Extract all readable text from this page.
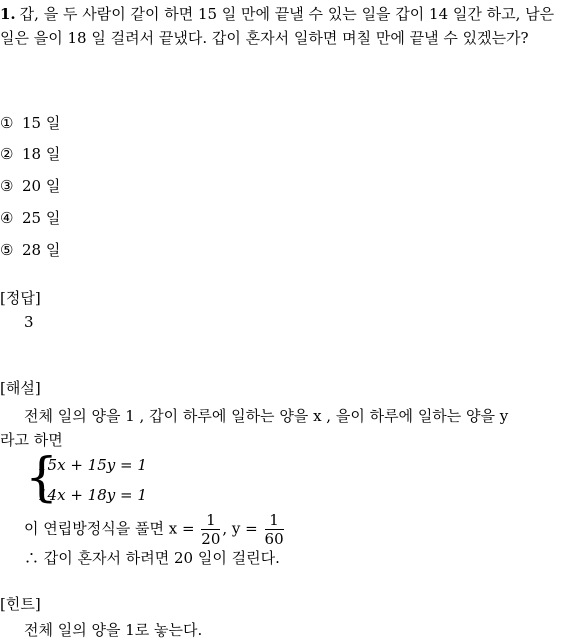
1. 갑, 을 두 사람이 같이 하면 15 일 만에 끝낼 수 있는 일을 갑이 14 일간 하고, 남은 일은 을이 18 일 걸려서 끝냈다. 갑이 혼자서 일하면 며칠 만에 끝낼 수 있겠는가?
① 15 일
② 18 일
③ 20 일
④ 25 일
⑤ 28 일
[정답]
3
[해설]
전체 일의 양을 1 , 갑이 하루에 일하는 양을 x , 을이 하루에 일하는 양을 y
라고 하면
{
15x + 15y = 1
14x + 18y = 1
이 연립방정식을 풀면 $x = \frac{1}{20}$ , $y = \frac{1}{60}$
∴ 갑이 혼자서 하려면 20 일이 걸린다.
[힌트]
전체 일의 양을 1로 놓는다.
